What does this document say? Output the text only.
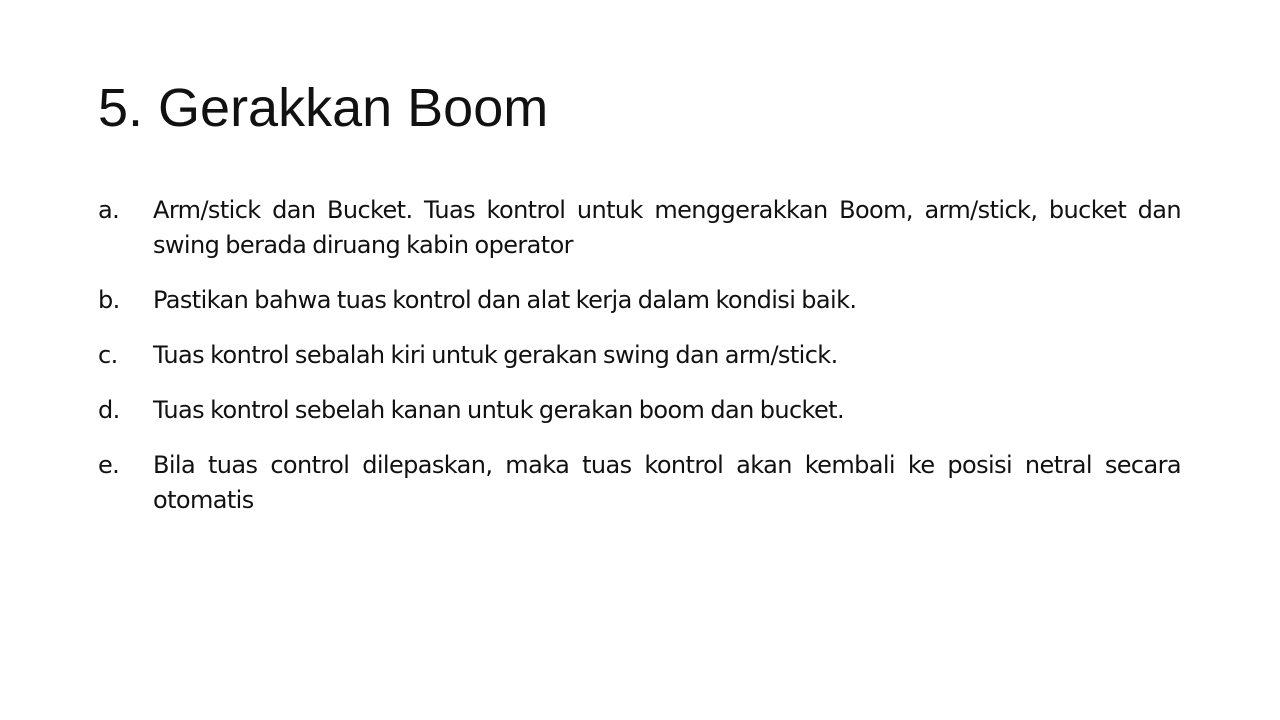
5. Gerakkan Boom
a. Arm/stick dan Bucket. Tuas kontrol untuk menggerakkan Boom, arm/stick, bucket dan swing berada diruang kabin operator
b. Pastikan bahwa tuas kontrol dan alat kerja dalam kondisi baik.
c. Tuas kontrol sebalah kiri untuk gerakan swing dan arm/stick.
d. Tuas kontrol sebelah kanan untuk gerakan boom dan bucket.
e. Bila tuas control dilepaskan, maka tuas kontrol akan kembali ke posisi netral secara otomatis
